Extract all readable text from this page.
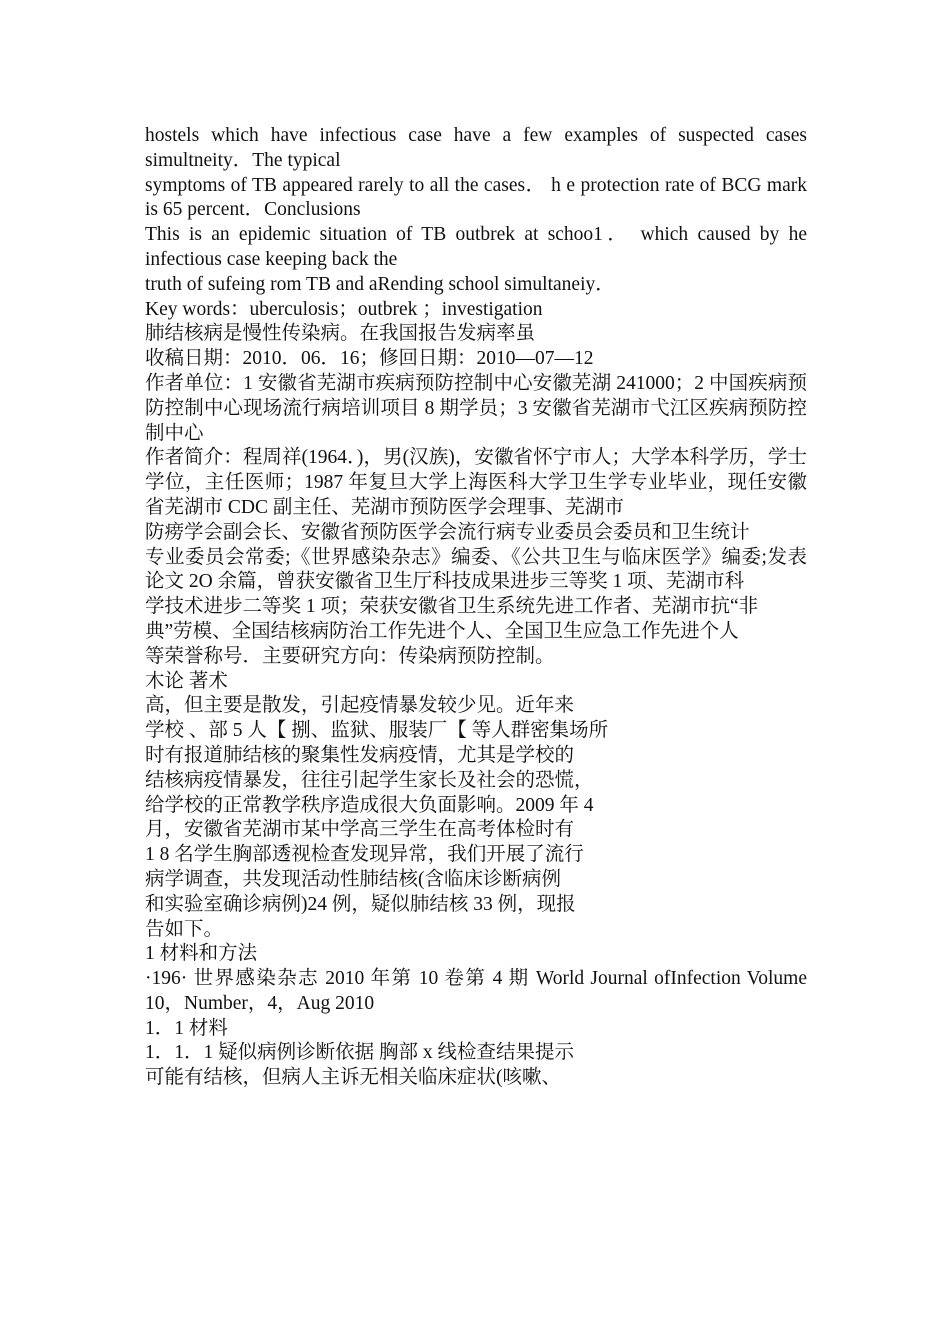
hostels which have infectious case have a few examples of suspected cases simultneity．The typical

symptoms of TB appeared rarely to all the cases． h e protection rate of BCG mark is 65 percent．Conclusions

This is an epidemic situation of TB outbrek at schoo1． which caused by he infectious case keeping back the

truth of sufeing rom TB and aRending school simultaneiy．

Key words：uberculosis；outbrek ；investigation

肺结核病是慢性传染病。在我国报告发病率虽

收稿日期：2010．06．16；修回日期：2010—07—12

作者单位：1 安徽省芜湖市疾病预防控制中心安徽芜湖 241000；2 中国疾病预防控制中心现场流行病培训项目 8 期学员；3 安徽省芜湖市弋江区疾病预防控制中心

作者简介：程周祥(1964．)，男(汉族)，安徽省怀宁市人；大学本科学历，学士学位，主任医师；1987 年复旦大学上海医科大学卫生学专业毕业，现任安徽省芜湖市 CDC 副主任、芜湖市预防医学会理事、芜湖市

防痨学会副会长、安徽省预防医学会流行病专业委员会委员和卫生统计

专业委员会常委;《世界感染杂志》编委、《公共卫生与临床医学》编委;发表论文 2O 余篇，曾获安徽省卫生厅科技成果进步三等奖 1 项、芜湖市科

学技术进步二等奖 1 项；荣获安徽省卫生系统先进工作者、芜湖市抗“非

典”劳模、全国结核病防治工作先进个人、全国卫生应急工作先进个人

等荣誉称号．主要研究方向：传染病预防控制。

木论 著术

高，但主要是散发，引起疫情暴发较少见。近年来

学校 、部 5 人【 捌、监狱、服装厂【 等人群密集场所

时有报道肺结核的聚集性发病疫情，尤其是学校的

结核病疫情暴发，往往引起学生家长及社会的恐慌，

给学校的正常教学秩序造成很大负面影响。2009 年 4

月，安徽省芜湖市某中学高三学生在高考体检时有

1 8 名学生胸部透视检查发现异常，我们开展了流行

病学调查，共发现活动性肺结核(含临床诊断病例

和实验室确诊病例)24 例，疑似肺结核 33 例，现报

告如下。

1 材料和方法

·196· 世界感染杂志 2010 年第 10 卷第 4 期 World Journal ofInfection Volume 10，Number，4，Aug 2010

1．1 材料

1．1．1 疑似病例诊断依据 胸部 x 线检查结果提示

可能有结核，但病人主诉无相关临床症状(咳嗽、
